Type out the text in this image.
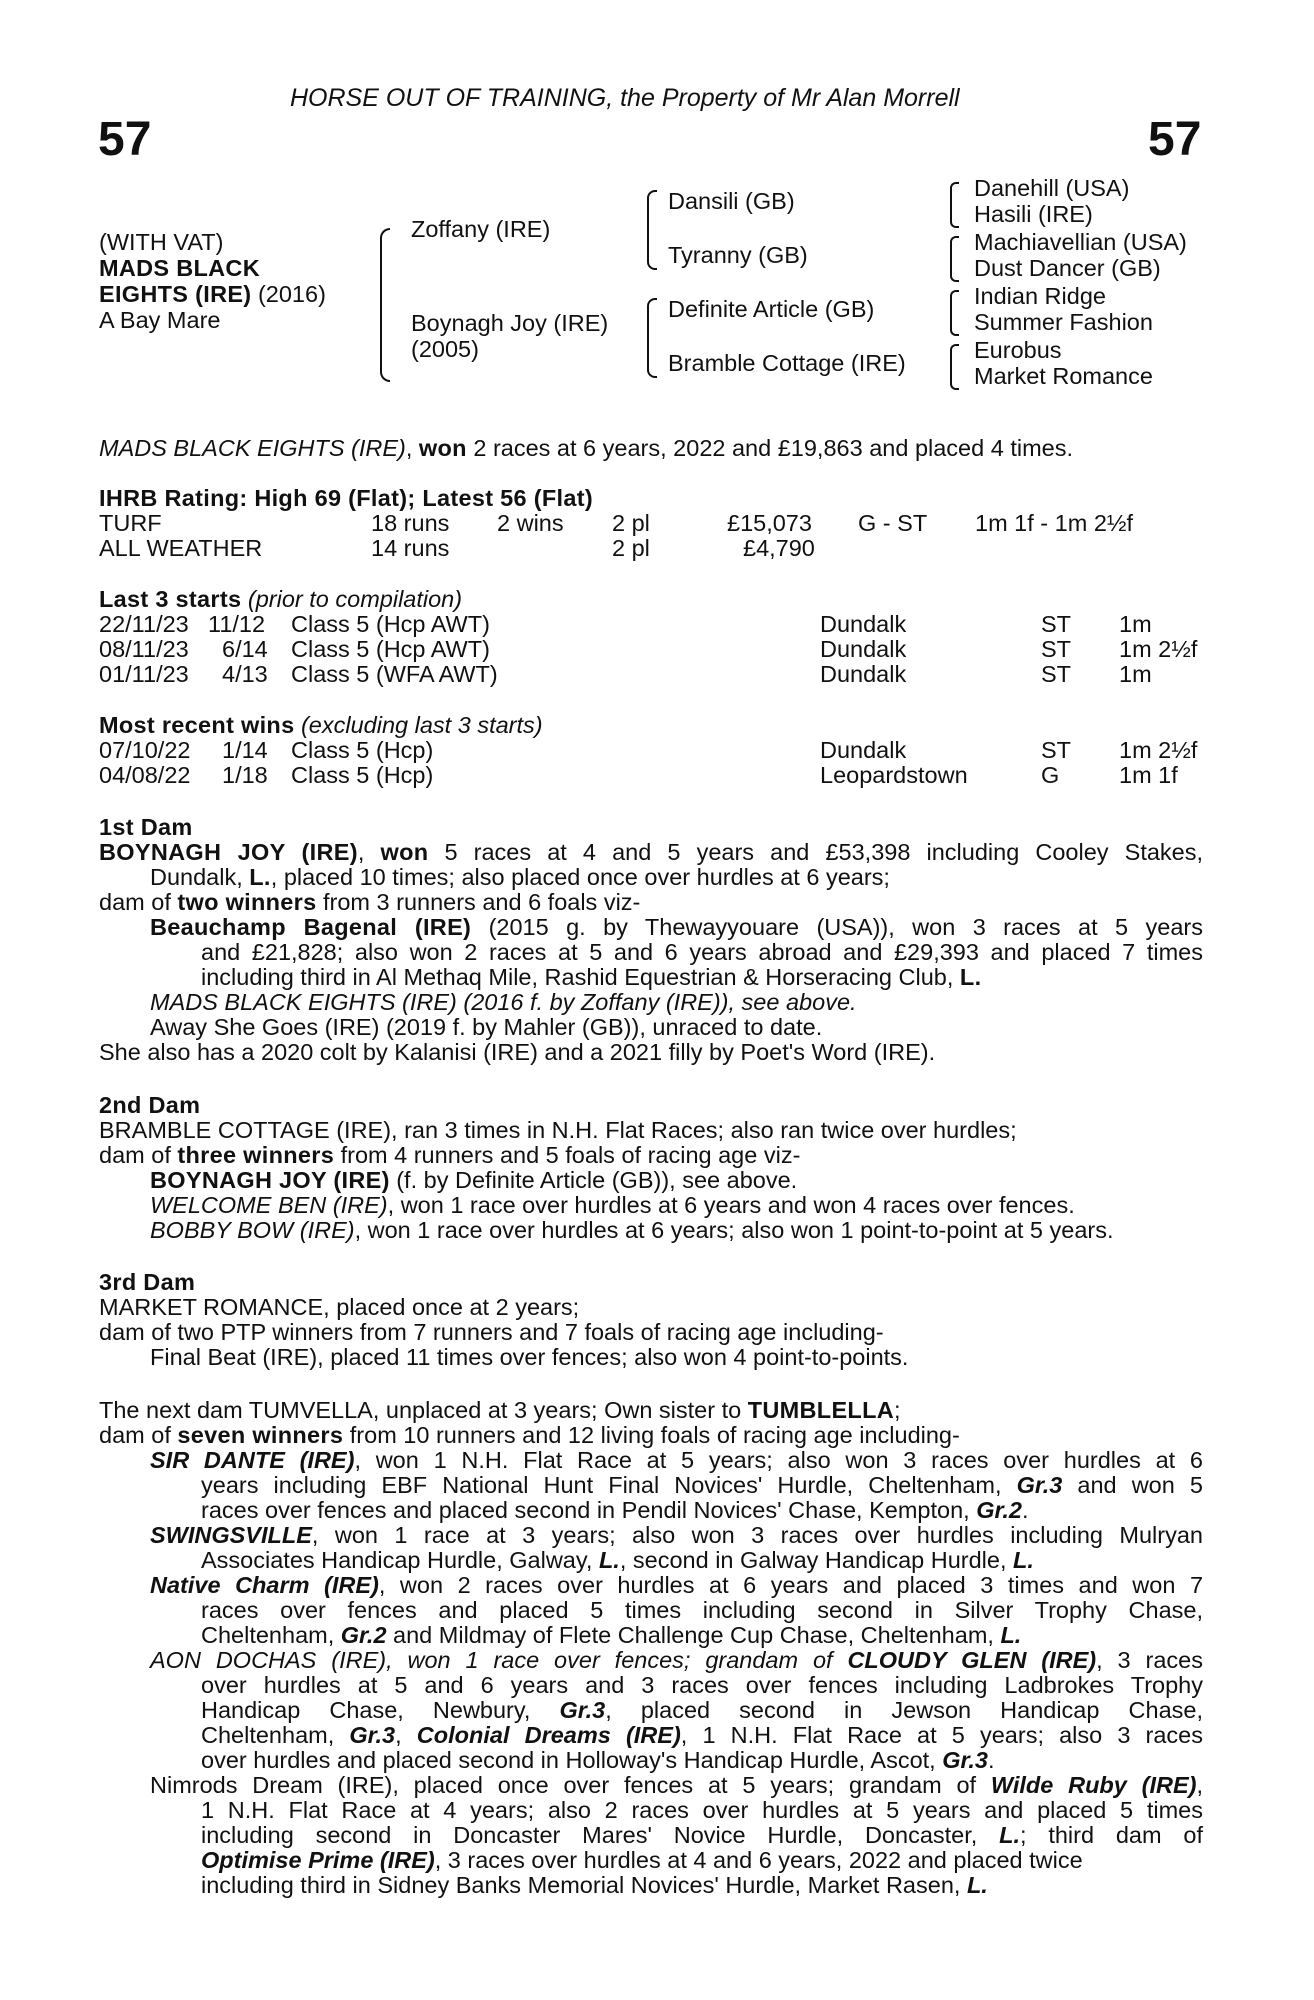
HORSE OUT OF TRAINING, the Property of Mr Alan Morrell
57	57
(WITH VAT)
MADS BLACK
EIGHTS (IRE) (2016)
A Bay Mare
Zoffany (IRE)
Boynagh Joy (IRE)
(2005)
Dansili (GB)
Tyranny (GB)
Definite Article (GB)
Bramble Cottage (IRE)
Danehill (USA)
Hasili (IRE)
Machiavellian (USA)
Dust Dancer (GB)
Indian Ridge
Summer Fashion
Eurobus
Market Romance
MADS BLACK EIGHTS (IRE), won 2 races at 6 years, 2022 and £19,863 and placed 4 times.
IHRB Rating: High 69 (Flat); Latest 56 (Flat)
TURF	18 runs 2 wins 2 pl	£15,073 G - ST 1m 1f - 1m 2½f
ALL WEATHER	14 runs	2 pl	£4,790
Last 3 starts (prior to compilation)
22/11/23 11/12 Class 5 (Hcp AWT)	Dundalk	ST 1m
08/11/23 6/14 Class 5 (Hcp AWT)	Dundalk	ST 1m 2½f
01/11/23 4/13 Class 5 (WFA AWT)	Dundalk	ST 1m
Most recent wins (excluding last 3 starts)
07/10/22 1/14 Class 5 (Hcp)	Dundalk	ST 1m 2½f
04/08/22 1/18 Class 5 (Hcp)	Leopardstown	G	1m 1f
1st Dam
BOYNAGH JOY (IRE), won 5 races at 4 and 5 years and £53,398 including Cooley Stakes,
Dundalk, L., placed 10 times; also placed once over hurdles at 6 years;
dam of two winners from 3 runners and 6 foals viz-
Beauchamp Bagenal (IRE) (2015 g. by Thewayyouare (USA)), won 3 races at 5 years
and £21,828; also won 2 races at 5 and 6 years abroad and £29,393 and placed 7 times
including third in Al Methaq Mile, Rashid Equestrian & Horseracing Club, L.
MADS BLACK EIGHTS (IRE) (2016 f. by Zoffany (IRE)), see above.
Away She Goes (IRE) (2019 f. by Mahler (GB)), unraced to date.
She also has a 2020 colt by Kalanisi (IRE) and a 2021 filly by Poet's Word (IRE).
2nd Dam
BRAMBLE COTTAGE (IRE), ran 3 times in N.H. Flat Races; also ran twice over hurdles;
dam of three winners from 4 runners and 5 foals of racing age viz-
BOYNAGH JOY (IRE) (f. by Definite Article (GB)), see above.
WELCOME BEN (IRE), won 1 race over hurdles at 6 years and won 4 races over fences.
BOBBY BOW (IRE), won 1 race over hurdles at 6 years; also won 1 point-to-point at 5 years.
3rd Dam
MARKET ROMANCE, placed once at 2 years;
dam of two PTP winners from 7 runners and 7 foals of racing age including-
Final Beat (IRE), placed 11 times over fences; also won 4 point-to-points.
The next dam TUMVELLA, unplaced at 3 years; Own sister to TUMBLELLA;
dam of seven winners from 10 runners and 12 living foals of racing age including-
SIR DANTE (IRE), won 1 N.H. Flat Race at 5 years; also won 3 races over hurdles at 6
years including EBF National Hunt Final Novices' Hurdle, Cheltenham, Gr.3 and won 5
races over fences and placed second in Pendil Novices' Chase, Kempton, Gr.2.
SWINGSVILLE, won 1 race at 3 years; also won 3 races over hurdles including Mulryan
Associates Handicap Hurdle, Galway, L., second in Galway Handicap Hurdle, L.
Native Charm (IRE), won 2 races over hurdles at 6 years and placed 3 times and won 7
races over fences and placed 5 times including second in Silver Trophy Chase,
Cheltenham, Gr.2 and Mildmay of Flete Challenge Cup Chase, Cheltenham, L.
AON DOCHAS (IRE), won 1 race over fences; grandam of CLOUDY GLEN (IRE), 3 races
over hurdles at 5 and 6 years and 3 races over fences including Ladbrokes Trophy
Handicap Chase, Newbury, Gr.3, placed second in Jewson Handicap Chase,
Cheltenham, Gr.3, Colonial Dreams (IRE), 1 N.H. Flat Race at 5 years; also 3 races
over hurdles and placed second in Holloway's Handicap Hurdle, Ascot, Gr.3.
Nimrods Dream (IRE), placed once over fences at 5 years; grandam of Wilde Ruby (IRE),
1 N.H. Flat Race at 4 years; also 2 races over hurdles at 5 years and placed 5 times
including second in Doncaster Mares' Novice Hurdle, Doncaster, L.; third dam of
Optimise Prime (IRE), 3 races over hurdles at 4 and 6 years, 2022 and placed twice
including third in Sidney Banks Memorial Novices' Hurdle, Market Rasen, L.
